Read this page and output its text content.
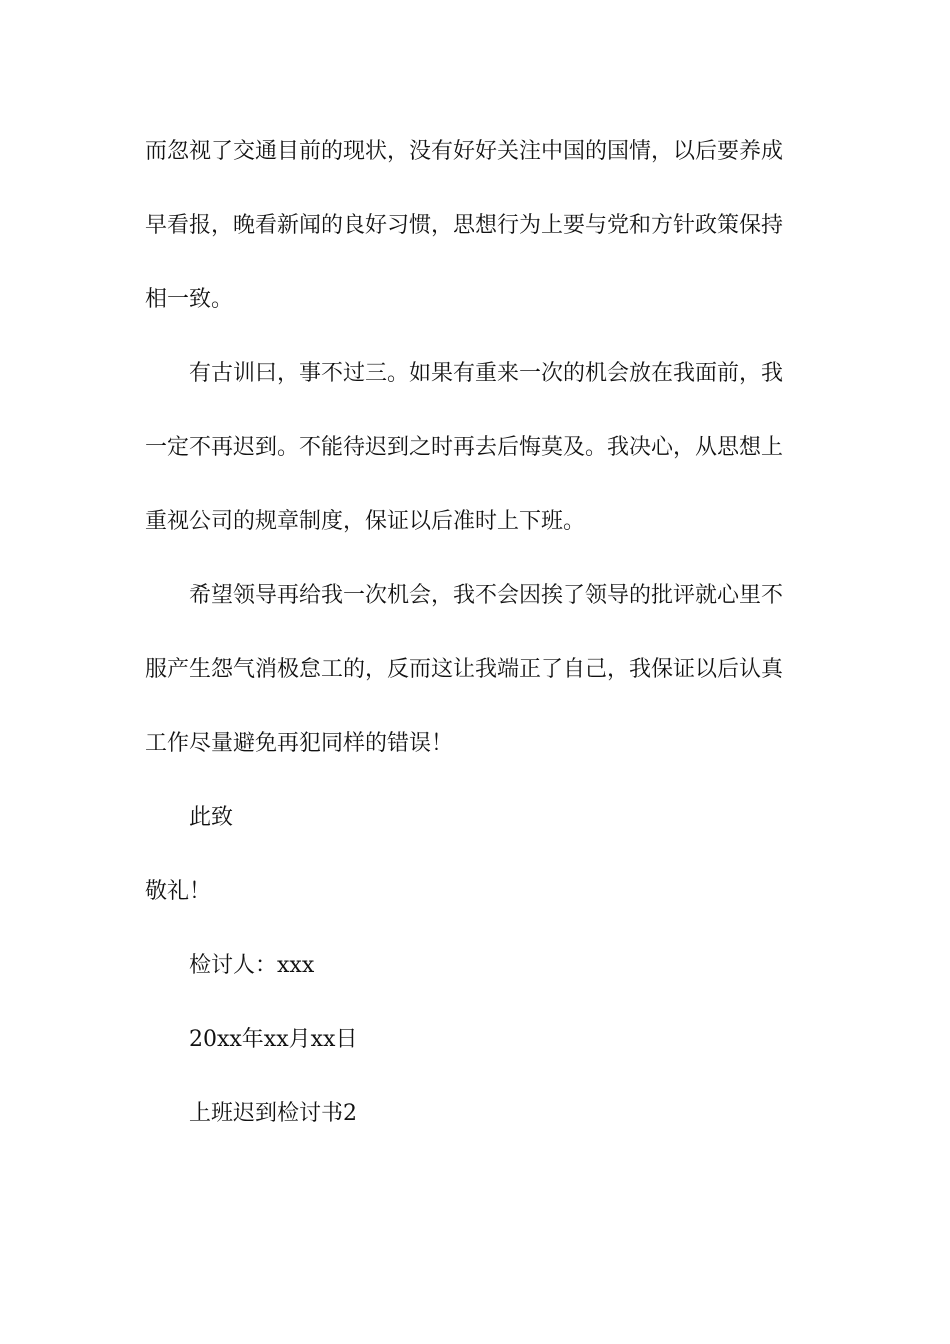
而忽视了交通目前的现状，没有好好关注中国的国情，以后要养成

早看报，晚看新闻的良好习惯，思想行为上要与党和方针政策保持

相一致。

有古训曰，事不过三。如果有重来一次的机会放在我面前，我

一定不再迟到。不能待迟到之时再去后悔莫及。我决心，从思想上

重视公司的规章制度，保证以后准时上下班。

希望领导再给我一次机会，我不会因挨了领导的批评就心里不

服产生怨气消极怠工的，反而这让我端正了自己，我保证以后认真

工作尽量避免再犯同样的错误！

此致

敬礼！

检讨人：xxx

20xx年xx月xx日

上班迟到检讨书2
